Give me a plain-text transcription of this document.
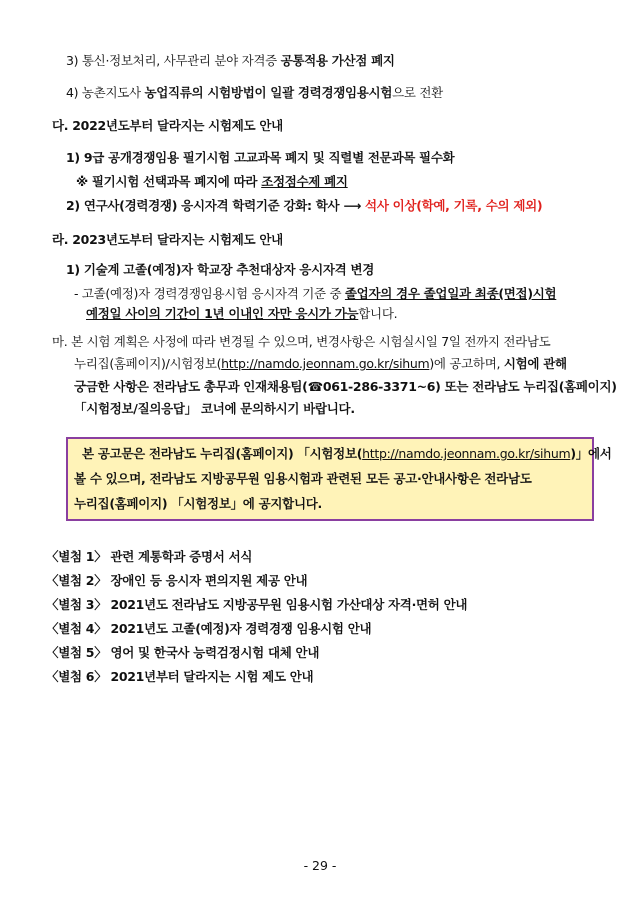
3) 통신·정보처리, 사무관리 분야 자격증 공통적용 가산점 폐지
4) 농촌지도사 농업직류의 시험방법이 일괄 경력경쟁임용시험으로 전환
다. 2022년도부터 달라지는 시험제도 안내
1) 9급 공개경쟁임용 필기시험 고교과목 폐지 및 직렬별 전문과목 필수화
※ 필기시험 선택과목 폐지에 따라 조정점수제 폐지
2) 연구사(경력경쟁) 응시자격 학력기준 강화: 학사 ⟶ 석사 이상(학예, 기록, 수의 제외)
라. 2023년도부터 달라지는 시험제도 안내
1) 기술계 고졸(예정)자 학교장 추천대상자 응시자격 변경
- 고졸(예정)자 경력경쟁임용시험 응시자격 기준 중 졸업자의 경우 졸업일과 최종(면접)시험
예정일 사이의 기간이 1년 이내인 자만 응시가 가능합니다.
마. 본 시험 계획은 사정에 따라 변경될 수 있으며, 변경사항은 시험실시일 7일 전까지 전라남도
누리집(홈페이지)/시험정보(http://namdo.jeonnam.go.kr/sihum)에 공고하며, 시험에 관해
궁금한 사항은 전라남도 총무과 인재채용팀(☎061-286-3371~6) 또는 전라남도 누리집(홈페이지)
「시험정보/질의응답」 코너에 문의하시기 바랍니다.
본 공고문은 전라남도 누리집(홈페이지) 「시험정보(http://namdo.jeonnam.go.kr/sihum)」에서
볼 수 있으며, 전라남도 지방공무원 임용시험과 관련된 모든 공고·안내사항은 전라남도
누리집(홈페이지) 「시험정보」에 공지합니다.
〈별첨 1〉 관련 계통학과 증명서 서식
〈별첨 2〉 장애인 등 응시자 편의지원 제공 안내
〈별첨 3〉 2021년도 전라남도 지방공무원 임용시험 가산대상 자격·면허 안내
〈별첨 4〉 2021년도 고졸(예정)자 경력경쟁 임용시험 안내
〈별첨 5〉 영어 및 한국사 능력검정시험 대체 안내
〈별첨 6〉 2021년부터 달라지는 시험 제도 안내
- 29 -
